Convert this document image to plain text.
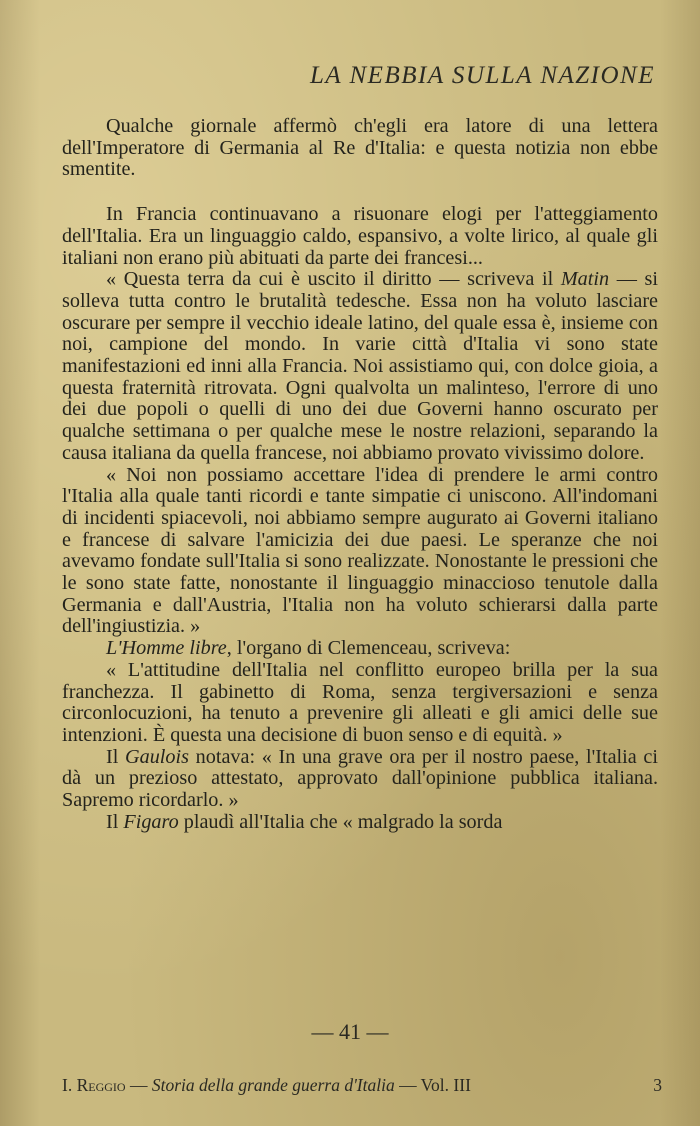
LA NEBBIA SULLA NAZIONE

Qualche giornale affermò ch'egli era latore di una lettera dell'Imperatore di Germania al Re d'Italia: e questa notizia non ebbe smentite.

In Francia continuavano a risuonare elogi per l'atteggiamento dell'Italia. Era un linguaggio caldo, espansivo, a volte lirico, al quale gli italiani non erano più abituati da parte dei francesi...

« Questa terra da cui è uscito il diritto — scriveva il Matin — si solleva tutta contro le brutalità tedesche. Essa non ha voluto lasciare oscurare per sempre il vecchio ideale latino, del quale essa è, insieme con noi, campione del mondo. In varie città d'Italia vi sono state manifestazioni ed inni alla Francia. Noi assistiamo qui, con dolce gioia, a questa fraternità ritrovata. Ogni qualvolta un malinteso, l'errore di uno dei due popoli o quelli di uno dei due Governi hanno oscurato per qualche settimana o per qualche mese le nostre relazioni, separando la causa italiana da quella francese, noi abbiamo provato vivissimo dolore.

« Noi non possiamo accettare l'idea di prendere le armi contro l'Italia alla quale tanti ricordi e tante simpatie ci uniscono. All'indomani di incidenti spiacevoli, noi abbiamo sempre augurato ai Governi italiano e francese di salvare l'amicizia dei due paesi. Le speranze che noi avevamo fondate sull'Italia si sono realizzate. Nonostante le pressioni che le sono state fatte, nonostante il linguaggio minaccioso tenutole dalla Germania e dall'Austria, l'Italia non ha voluto schierarsi dalla parte dell'ingiustizia. »

L'Homme libre, l'organo di Clemenceau, scriveva:

« L'attitudine dell'Italia nel conflitto europeo brilla per la sua franchezza. Il gabinetto di Roma, senza tergiversazioni e senza circonlocuzioni, ha tenuto a prevenire gli alleati e gli amici delle sue intenzioni. È questa una decisione di buon senso e di equità. »

Il Gaulois notava: « In una grave ora per il nostro paese, l'Italia ci dà un prezioso attestato, approvato dall'opinione pubblica italiana. Sapremo ricordarlo. »

Il Figaro plaudì all'Italia che « malgrado la sorda

— 41 —
I. Reggio — Storia della grande guerra d'Italia — Vol. III	3
